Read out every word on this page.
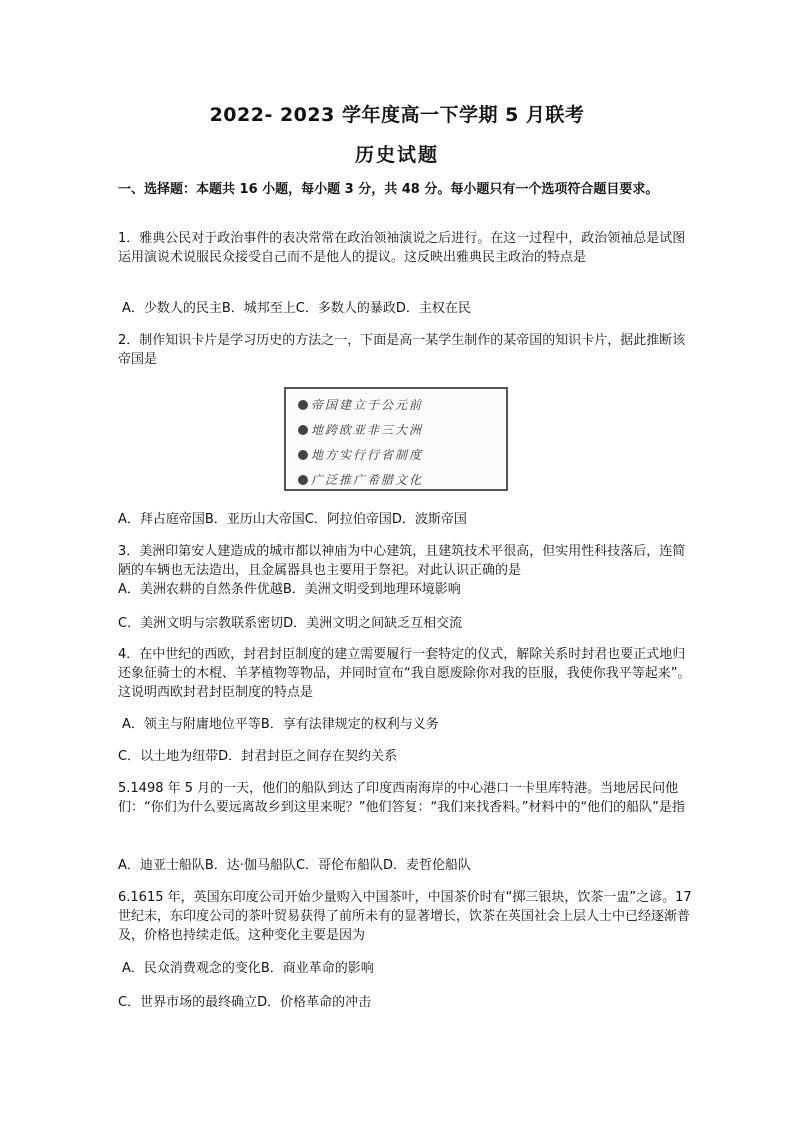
2022- 2023 学年度高一下学期 5 月联考
历史试题
一、选择题：本题共 16 小题，每小题 3 分，共 48 分。每小题只有一个选项符合题目要求。
1．雅典公民对于政治事件的表决常常在政治领袖演说之后进行。在这一过程中，政治领袖总是试图运用演说术说服民众接受自己而不是他人的提议。这反映出雅典民主政治的特点是
A．少数人的民主B．城邦至上C．多数人的暴政D．主权在民
2．制作知识卡片是学习历史的方法之一，下面是高一某学生制作的某帝国的知识卡片，据此推断该帝国是
帝国建立于公元前
地跨欧亚非三大洲
地方实行行省制度
广泛推广希腊文化
A．拜占庭帝国B．亚历山大帝国C．阿拉伯帝国D．波斯帝国
3．美洲印第安人建造成的城市都以神庙为中心建筑，且建筑技术平很高，但实用性科技落后，连简陋的车辆也无法造出，且金属器具也主要用于祭祀。对此认识正确的是
A．美洲农耕的自然条件优越B．美洲文明受到地理环境影响
C．美洲文明与宗教联系密切D．美洲文明之间缺乏互相交流
4．在中世纪的西欧，封君封臣制度的建立需要履行一套特定的仪式，解除关系时封君也要正式地归还象征骑士的木棍、羊茅植物等物品，并同时宣布“我自愿废除你对我的臣服，我使你我平等起来”。这说明西欧封君封臣制度的特点是
A．领主与附庸地位平等B．享有法律规定的权利与义务
C．以土地为纽带D．封君封臣之间存在契约关系
5.1498 年 5 月的一天，他们的船队到达了印度西南海岸的中心港口一卡里库特港。当地居民问他们：“你们为什么要远离故乡到这里来呢？”他们答复：“我们来找香料。”材料中的“他们的船队”是指
A．迪亚士船队B．达·伽马船队C．哥伦布船队D．麦哲伦船队
6.1615 年，英国东印度公司开始少量购入中国茶叶，中国茶价时有“掷三银块，饮茶一盅”之谚。17 世纪末，东印度公司的茶叶贸易获得了前所未有的显著增长，饮茶在英国社会上层人士中已经逐渐普及，价格也持续走低。这种变化主要是因为
A．民众消费观念的变化B．商业革命的影响
C．世界市场的最终确立D．价格革命的冲击
